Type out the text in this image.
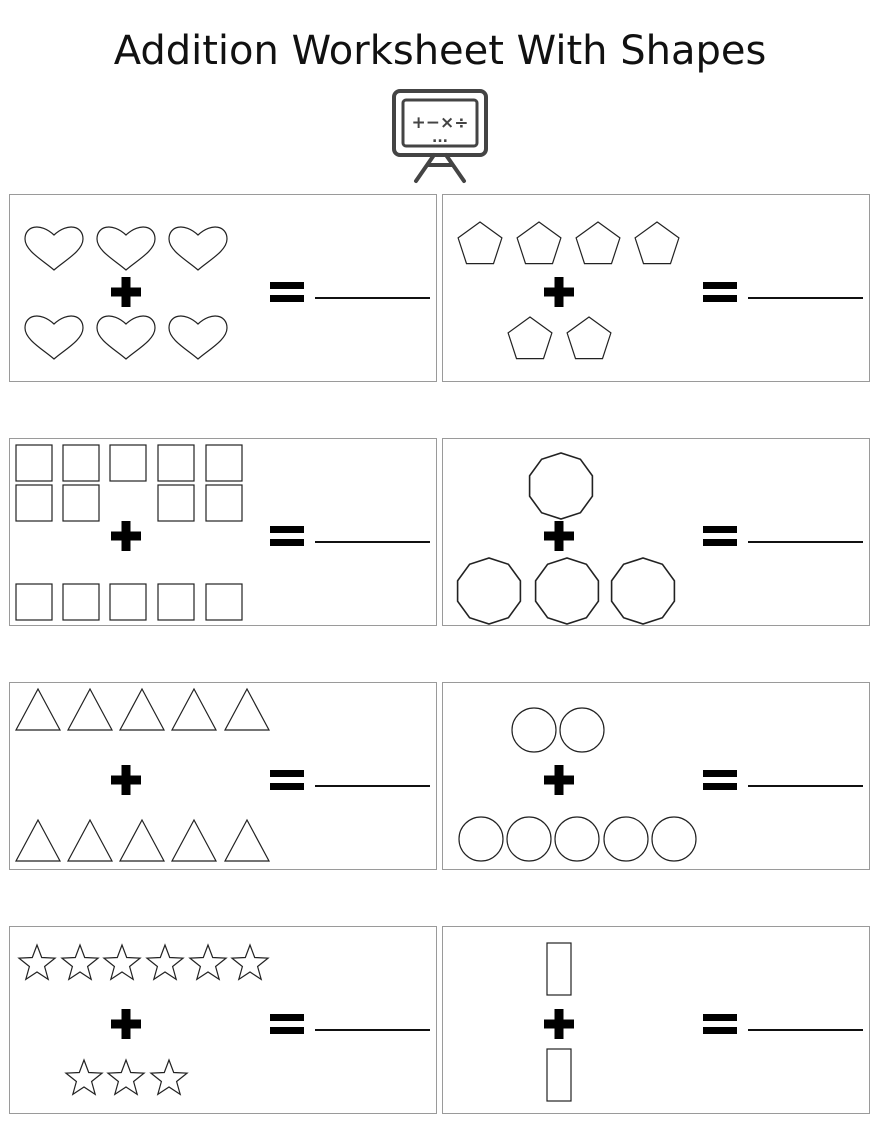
Addition Worksheet With Shapes
+−×÷
...
